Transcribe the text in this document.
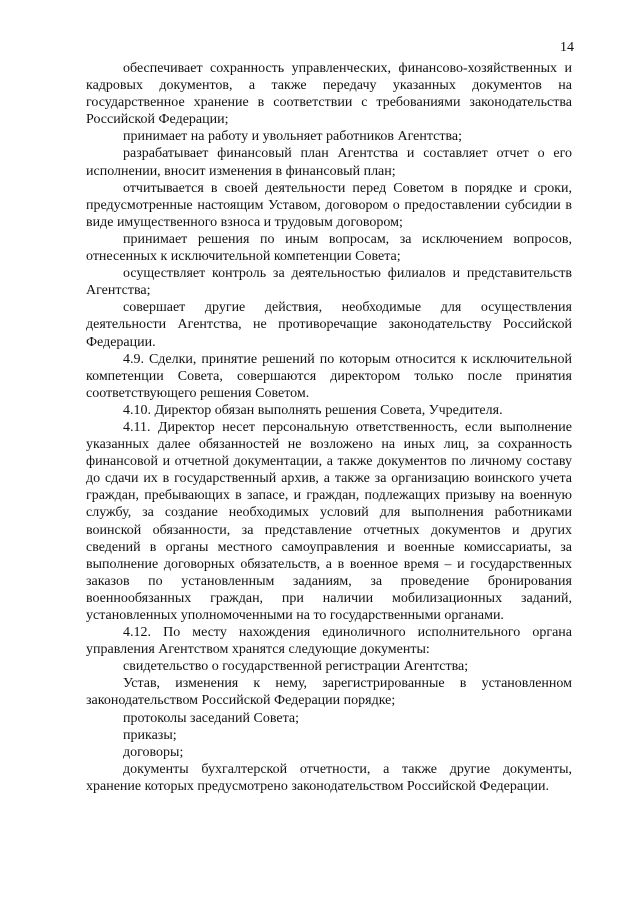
14

обеспечивает сохранность управленческих, финансово-хозяйственных и кадровых документов, а также передачу указанных документов на государственное хранение в соответствии с требованиями законодательства Российской Федерации;

принимает на работу и увольняет работников Агентства;

разрабатывает финансовый план Агентства и составляет отчет о его исполнении, вносит изменения в финансовый план;

отчитывается в своей деятельности перед Советом в порядке и сроки, предусмотренные настоящим Уставом, договором о предоставлении субсидии в виде имущественного взноса и трудовым договором;

принимает решения по иным вопросам, за исключением вопросов, отнесенных к исключительной компетенции Совета;

осуществляет контроль за деятельностью филиалов и представительств Агентства;

совершает другие действия, необходимые для осуществления деятельности Агентства, не противоречащие законодательству Российской Федерации.

4.9. Сделки, принятие решений по которым относится к исключительной компетенции Совета, совершаются директором только после принятия соответствующего решения Советом.

4.10. Директор обязан выполнять решения Совета, Учредителя.

4.11. Директор несет персональную ответственность, если выполнение указанных далее обязанностей не возложено на иных лиц, за сохранность финансовой и отчетной документации, а также документов по личному составу до сдачи их в государственный архив, а также за организацию воинского учета граждан, пребывающих в запасе, и граждан, подлежащих призыву на военную службу, за создание необходимых условий для выполнения работниками воинской обязанности, за представление отчетных документов и других сведений в органы местного самоуправления и военные комиссариаты, за выполнение договорных обязательств, а в военное время – и государственных заказов по установленным заданиям, за проведение бронирования военнообязанных граждан, при наличии мобилизационных заданий, установленных уполномоченными на то государственными органами.

4.12. По месту нахождения единоличного исполнительного органа управления Агентством хранятся следующие документы:

свидетельство о государственной регистрации Агентства;

Устав, изменения к нему, зарегистрированные в установленном законодательством Российской Федерации порядке;

протоколы заседаний Совета;

приказы;

договоры;

документы бухгалтерской отчетности, а также другие документы, хранение которых предусмотрено законодательством Российской Федерации.
